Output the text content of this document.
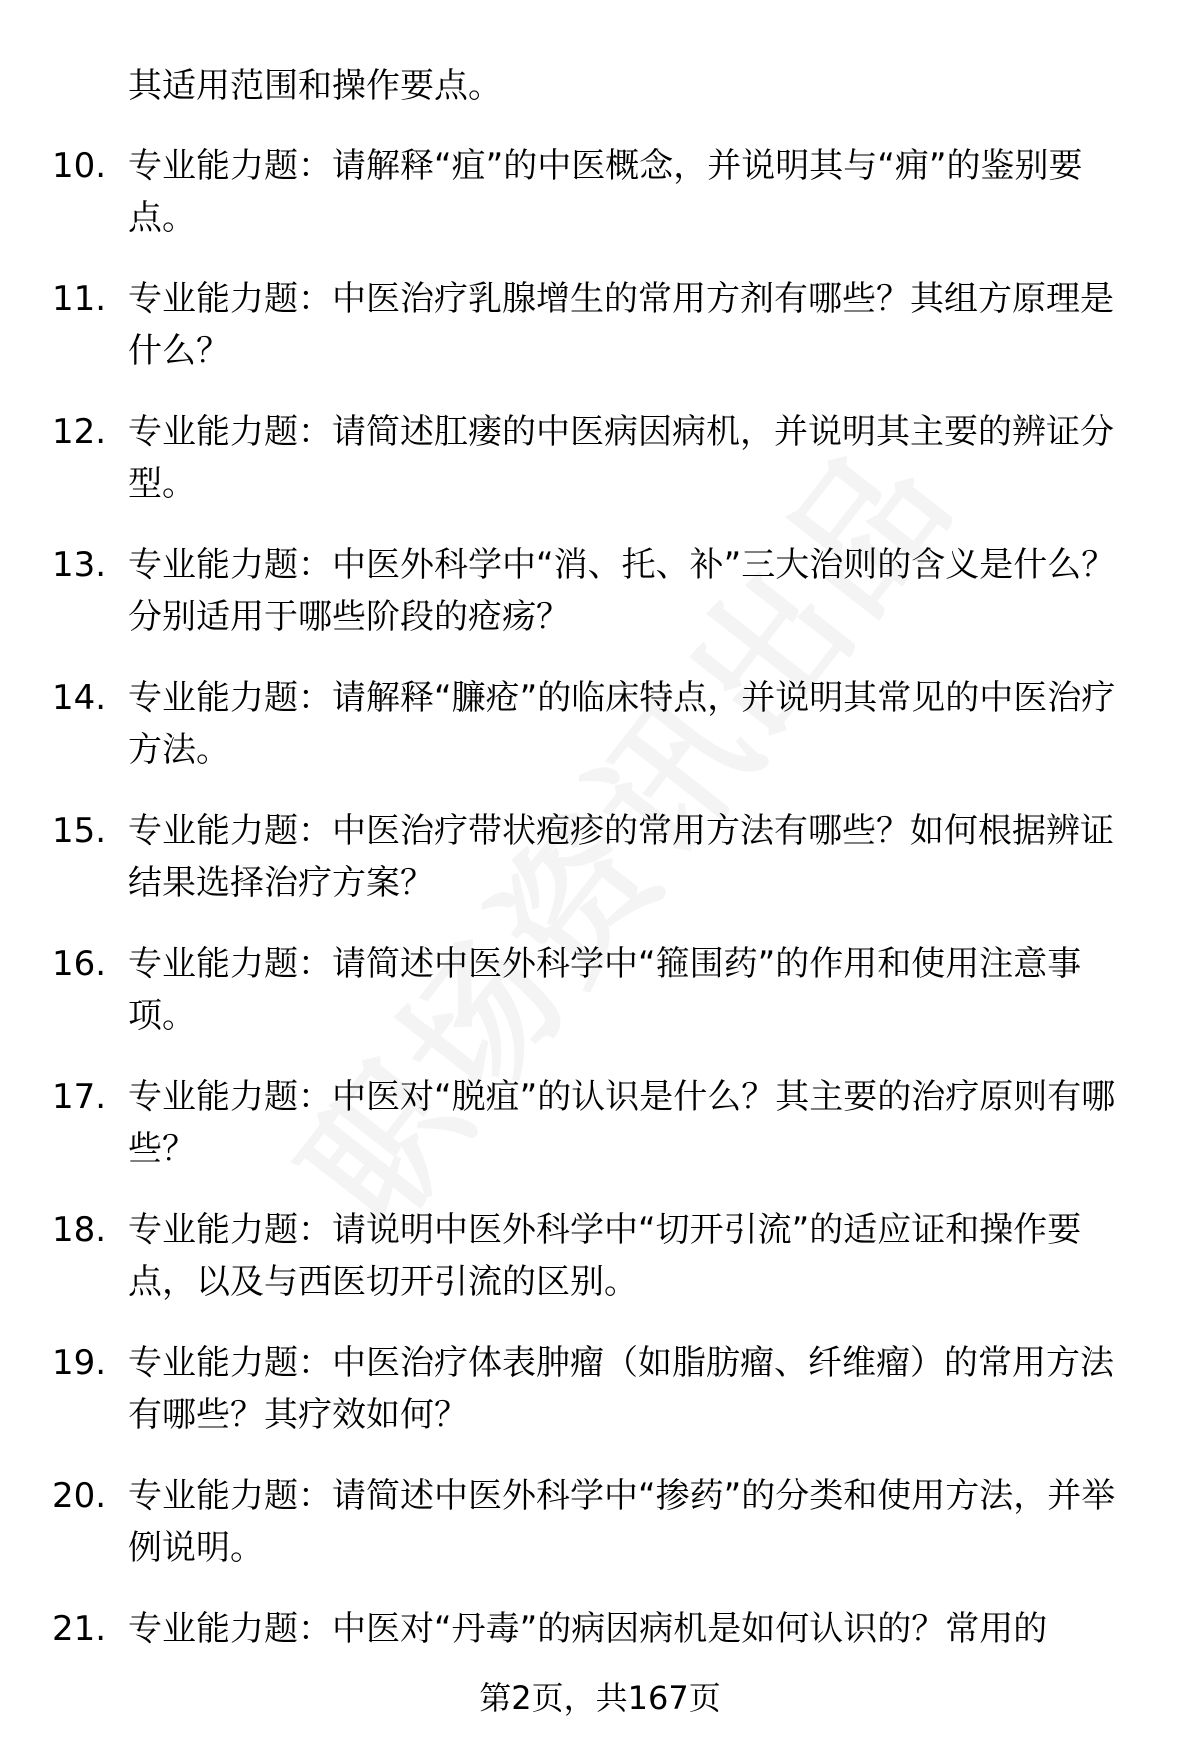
其适用范围和操作要点。

10. 专业能力题：请解释“疽”的中医概念，并说明其与“痈”的鉴别要点。
11. 专业能力题：中医治疗乳腺增生的常用方剂有哪些？其组方原理是什么？
12. 专业能力题：请简述肛瘘的中医病因病机，并说明其主要的辨证分型。
13. 专业能力题：中医外科学中“消、托、补”三大治则的含义是什么？分别适用于哪些阶段的疮疡？
14. 专业能力题：请解释“臁疮”的临床特点，并说明其常见的中医治疗方法。
15. 专业能力题：中医治疗带状疱疹的常用方法有哪些？如何根据辨证结果选择治疗方案？
16. 专业能力题：请简述中医外科学中“箍围药”的作用和使用注意事项。
17. 专业能力题：中医对“脱疽”的认识是什么？其主要的治疗原则有哪些？
18. 专业能力题：请说明中医外科学中“切开引流”的适应证和操作要点，以及与西医切开引流的区别。
19. 专业能力题：中医治疗体表肿瘤（如脂肪瘤、纤维瘤）的常用方法有哪些？其疗效如何？
20. 专业能力题：请简述中医外科学中“掺药”的分类和使用方法，并举例说明。
21. 专业能力题：中医对“丹毒”的病因病机是如何认识的？常用的
第2页，共167页
